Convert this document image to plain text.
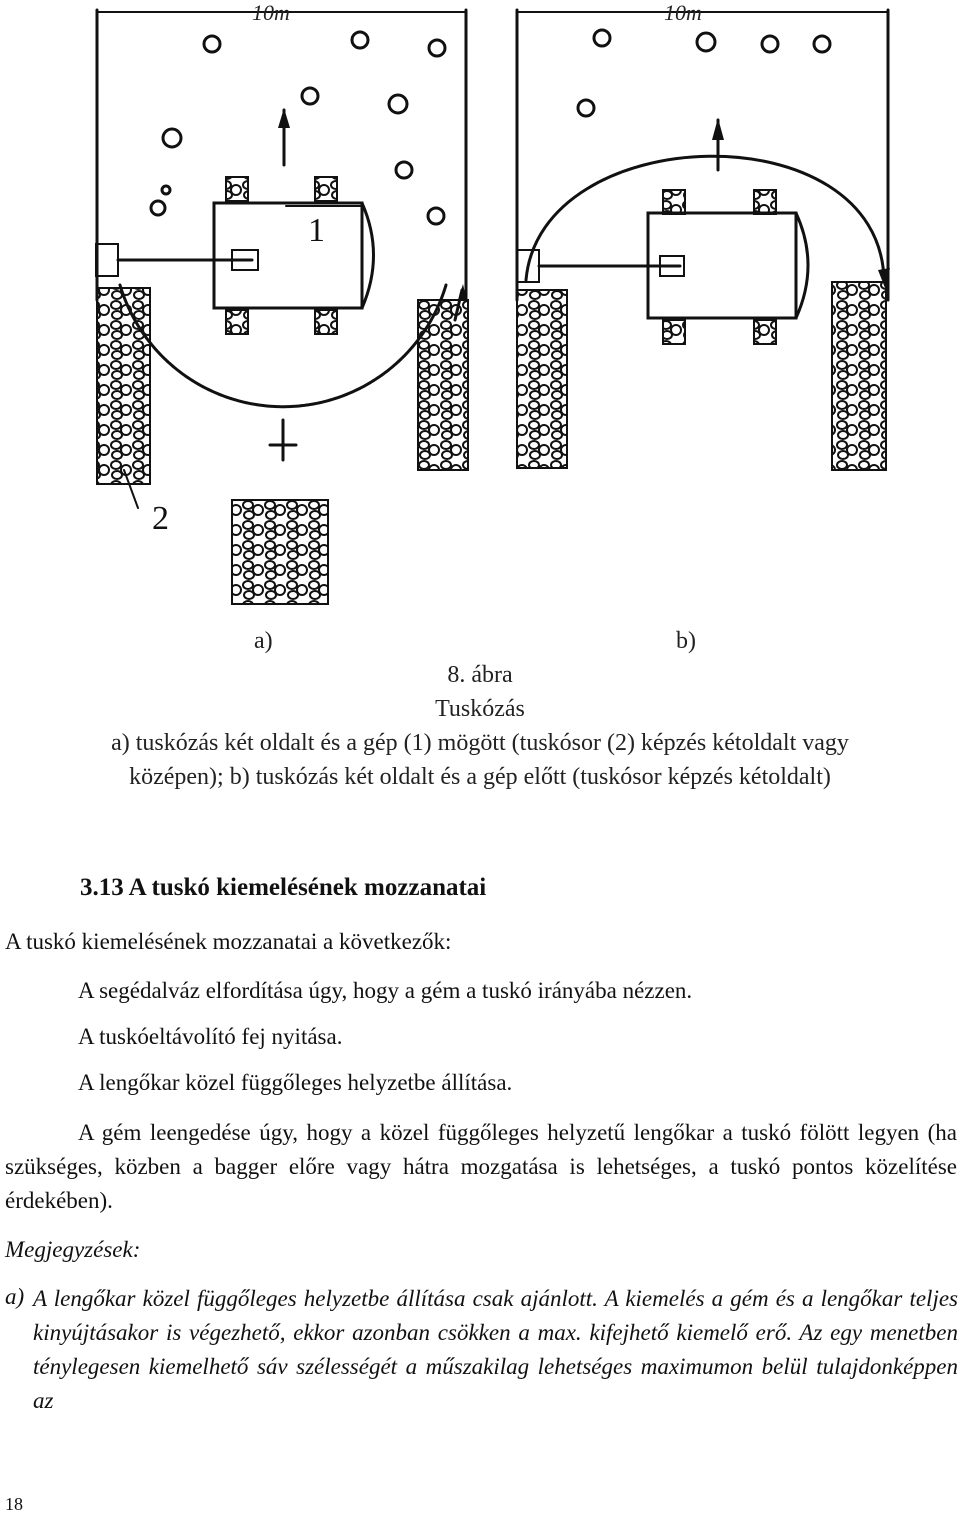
10m	10m
1
2
a)	b)
8. ábra
Tuskózás
a) tuskózás két oldalt és a gép (1) mögött (tuskósor (2) képzés kétoldalt vagy
középen); b) tuskózás két oldalt és a gép előtt (tuskósor képzés kétoldalt)
3.13 A tuskó kiemelésének mozzanatai
A tuskó kiemelésének mozzanatai a következők:
A segédalváz elfordítása úgy, hogy a gém a tuskó irányába nézzen.
A tuskóeltávolító fej nyitása.
A lengőkar közel függőleges helyzetbe állítása.
A gém leengedése úgy, hogy a közel függőleges helyzetű lengőkar a tuskó fölött legyen (ha szükséges, közben a bagger előre vagy hátra mozgatása is lehetséges, a tuskó pontos közelítése érdekében).
Megjegyzések:
a) A lengőkar közel függőleges helyzetbe állítása csak ajánlott. A kiemelés a gém és a lengőkar teljes kinyújtásakor is végezhető, ekkor azonban csökken a max. kifejhető kiemelő erő. Az egy menetben ténylegesen kiemelhető sáv szélességét a műszakilag lehetséges maximumon belül tulajdonképpen az
18
